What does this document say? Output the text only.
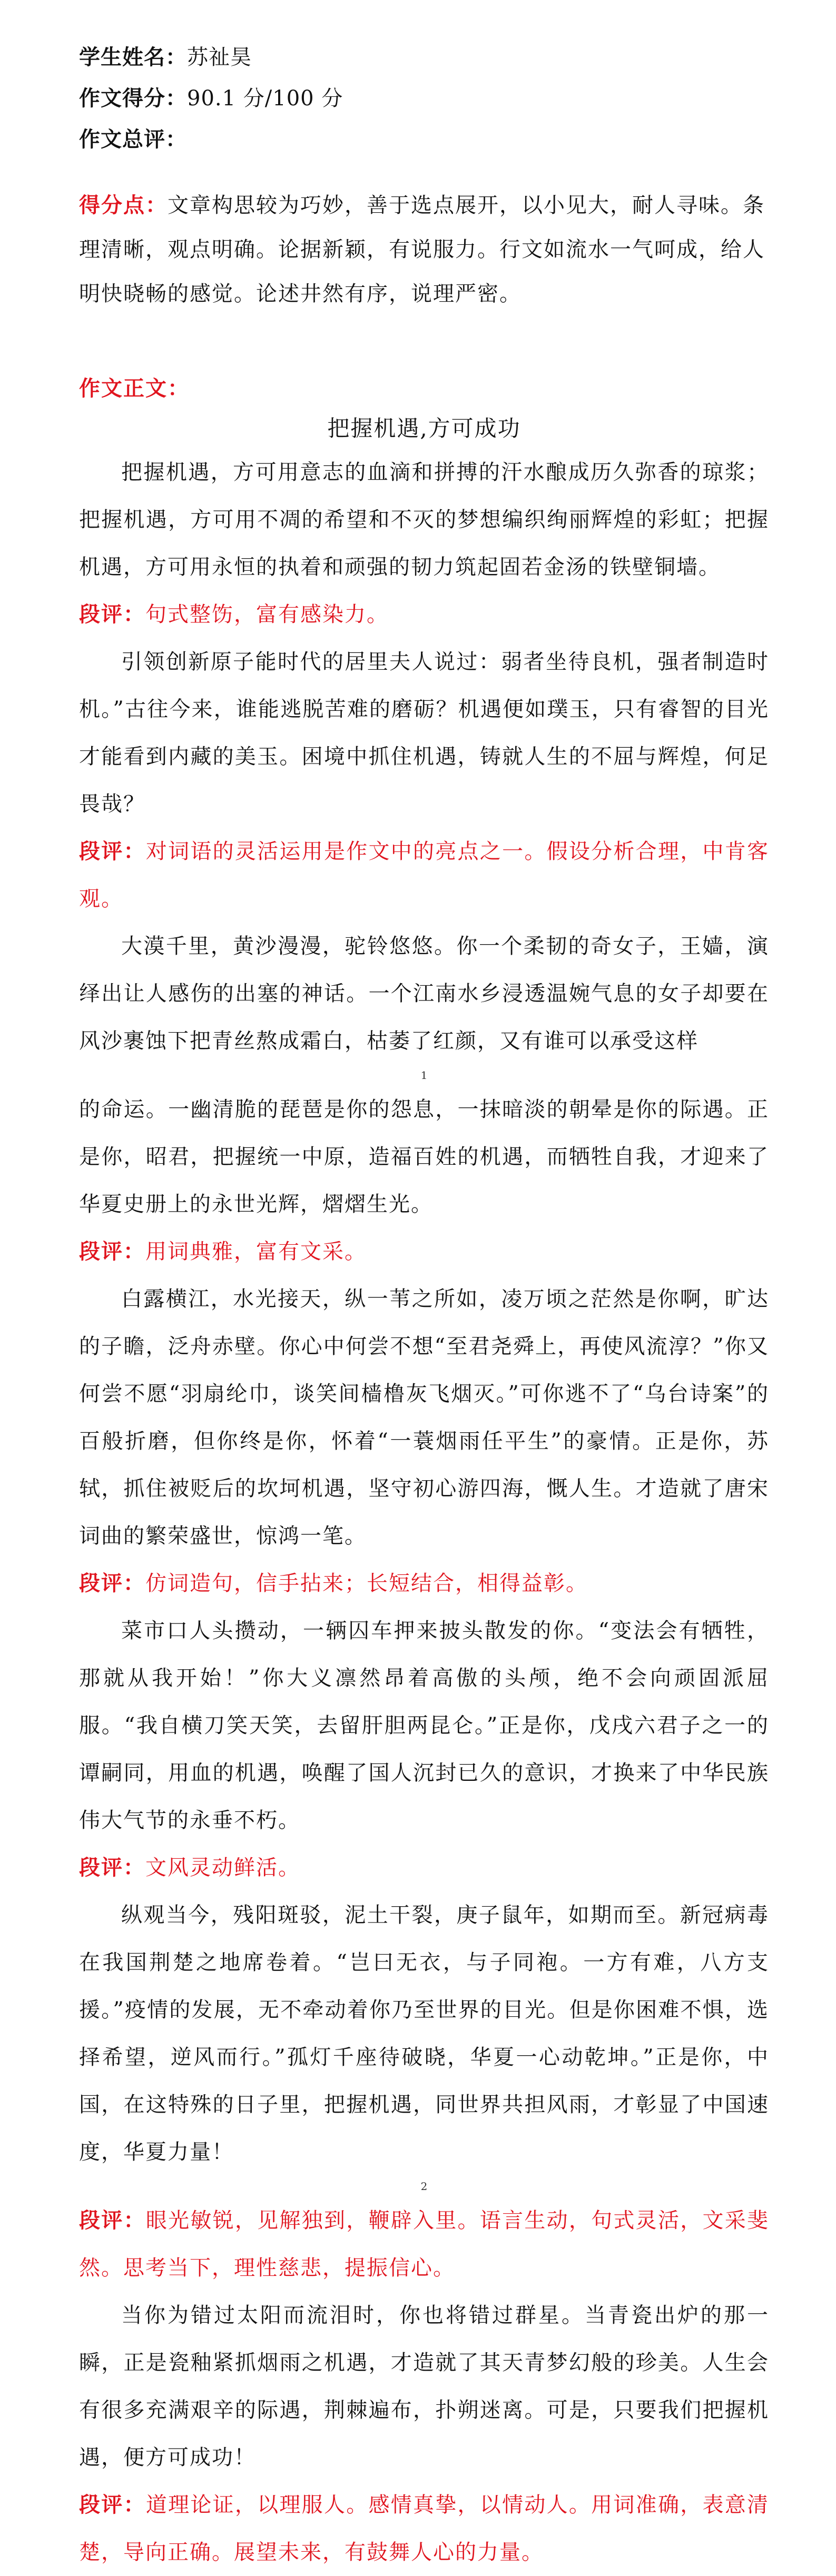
学生姓名：苏祉昊
作文得分：90.1 分/100 分
作文总评：
得分点：文章构思较为巧妙，善于选点展开，以小见大，耐人寻味。条理清晰，观点明确。论据新颖，有说服力。行文如流水一气呵成，给人明快晓畅的感觉。论述井然有序，说理严密。
作文正文：
把握机遇,方可成功

把握机遇，方可用意志的血滴和拼搏的汗水酿成历久弥香的琼浆；把握机遇，方可用不凋的希望和不灭的梦想编织绚丽辉煌的彩虹；把握机遇，方可用永恒的执着和顽强的韧力筑起固若金汤的铁壁铜墙。

段评：句式整饬，富有感染力。

引领创新原子能时代的居里夫人说过：弱者坐待良机，强者制造时机。”古往今来，谁能逃脱苦难的磨砺？机遇便如璞玉，只有睿智的目光才能看到内藏的美玉。困境中抓住机遇，铸就人生的不屈与辉煌，何足畏哉？

段评：对词语的灵活运用是作文中的亮点之一。假设分析合理，中肯客观。

大漠千里，黄沙漫漫，驼铃悠悠。你一个柔韧的奇女子，王嫱，演绎出让人感伤的出塞的神话。一个江南水乡浸透温婉气息的女子却要在风沙裹蚀下把青丝熬成霜白，枯萎了红颜，又有谁可以承受这样

1

的命运。一幽清脆的琵琶是你的怨息，一抹暗淡的朝晕是你的际遇。正是你，昭君，把握统一中原，造福百姓的机遇，而牺牲自我，才迎来了华夏史册上的永世光辉，熠熠生光。

段评：用词典雅，富有文采。

白露横江，水光接天，纵一苇之所如，凌万顷之茫然是你啊，旷达的子瞻，泛舟赤壁。你心中何尝不想“至君尧舜上，再使风流淳？”你又何尝不愿“羽扇纶巾，谈笑间樯橹灰飞烟灭。”可你逃不了“乌台诗案”的百般折磨，但你终是你，怀着“一蓑烟雨任平生”的豪情。正是你，苏轼，抓住被贬后的坎坷机遇，坚守初心游四海，慨人生。才造就了唐宋词曲的繁荣盛世，惊鸿一笔。

段评：仿词造句，信手拈来；长短结合，相得益彰。

菜市口人头攒动，一辆囚车押来披头散发的你。“变法会有牺牲，那就从我开始！”你大义凛然昂着高傲的头颅，绝不会向顽固派屈服。“我自横刀笑天笑，去留肝胆两昆仑。”正是你，戊戌六君子之一的谭嗣同，用血的机遇，唤醒了国人沉封已久的意识，才换来了中华民族伟大气节的永垂不朽。

段评：文风灵动鲜活。

纵观当今，残阳斑驳，泥土干裂，庚子鼠年，如期而至。新冠病毒在我国荆楚之地席卷着。“岂曰无衣，与子同袍。一方有难，八方支援。”疫情的发展，无不牵动着你乃至世界的目光。但是你困难不惧，选择希望，逆风而行。”孤灯千座待破晓，华夏一心动乾坤。”正是你，中国，在这特殊的日子里，把握机遇，同世界共担风雨，才彰显了中国速度，华夏力量！

2

段评：眼光敏锐，见解独到，鞭辟入里。语言生动，句式灵活，文采斐然。思考当下，理性慈悲，提振信心。

当你为错过太阳而流泪时，你也将错过群星。当青瓷出炉的那一瞬，正是瓷釉紧抓烟雨之机遇，才造就了其天青梦幻般的珍美。人生会有很多充满艰辛的际遇，荆棘遍布，扑朔迷离。可是，只要我们把握机遇，便方可成功！

段评：道理论证，以理服人。感情真挚，以情动人。用词准确，表意清楚，导向正确。展望未来，有鼓舞人心的力量。
